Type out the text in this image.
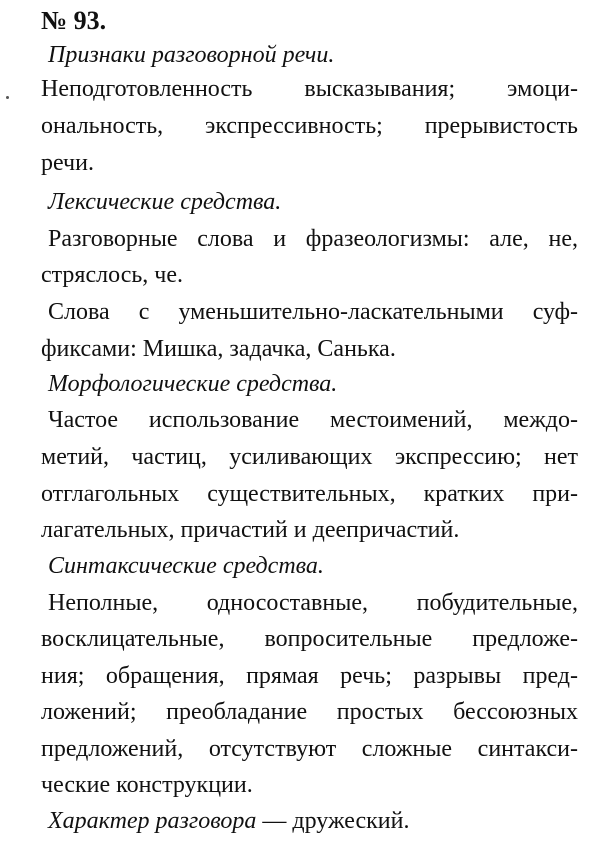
№ 93.

Признаки разговорной речи.

Неподготовленность высказывания; эмоци-

ональность, экспрессивность; прерывистость

речи.

Лексические средства.

Разговорные слова и фразеологизмы: але, не,

стряслось, че.

Слова с уменьшительно-ласкательными суф-

фиксами: Мишка, задачка, Санька.

Морфологические средства.

Частое использование местоимений, междо-

метий, частиц, усиливающих экспрессию; нет

отглагольных существительных, кратких при-

лагательных, причастий и деепричастий.

Синтаксические средства.

Неполные, односоставные, побудительные,

восклицательные, вопросительные предложе-

ния; обращения, прямая речь; разрывы пред-

ложений; преобладание простых бессоюзных

предложений, отсутствуют сложные синтакси-

ческие конструкции.

Характер разговора — дружеский.
